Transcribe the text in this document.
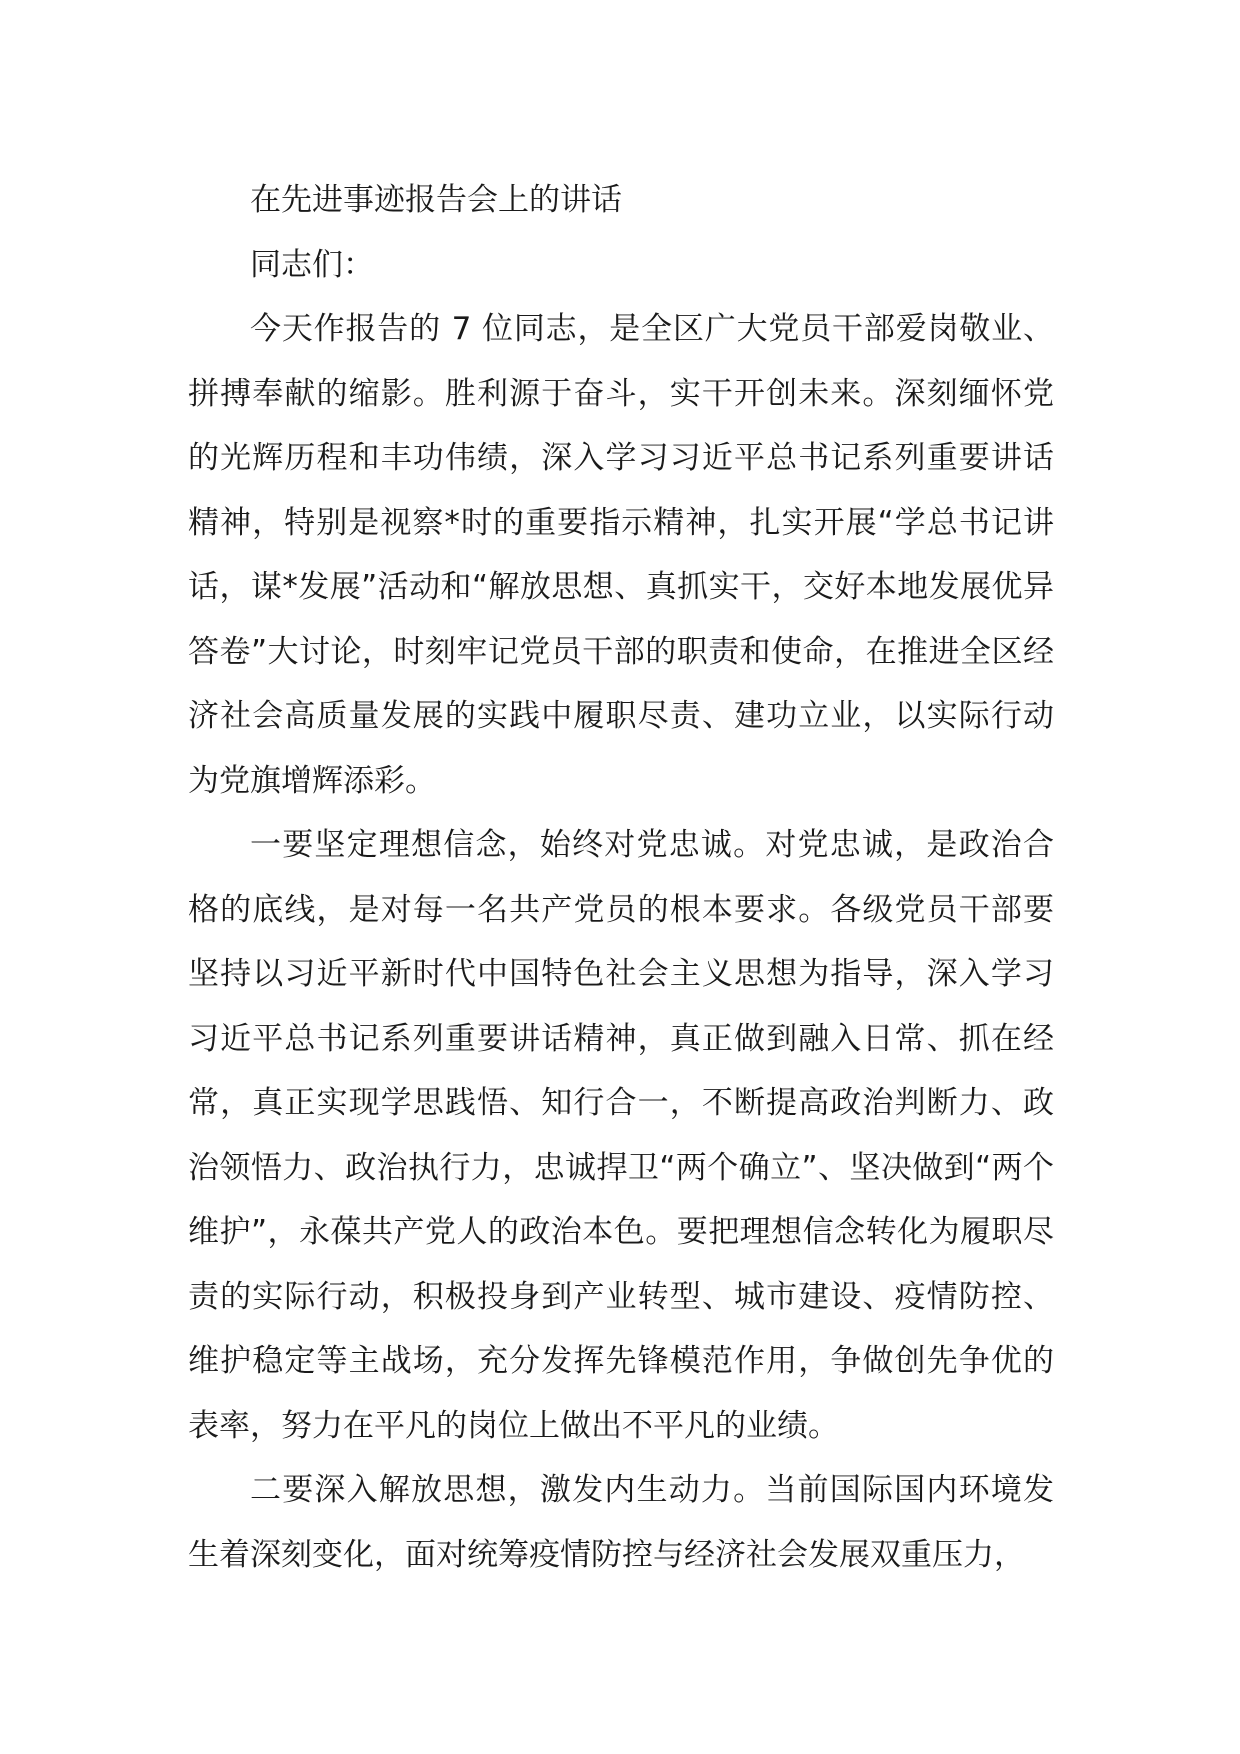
在先进事迹报告会上的讲话

同志们：

今天作报告的 7 位同志，是全区广大党员干部爱岗敬业、拼搏奉献的缩影。胜利源于奋斗，实干开创未来。深刻缅怀党的光辉历程和丰功伟绩，深入学习习近平总书记系列重要讲话精神，特别是视察*时的重要指示精神，扎实开展“学总书记讲话，谋*发展”活动和“解放思想、真抓实干，交好本地发展优异答卷”大讨论，时刻牢记党员干部的职责和使命，在推进全区经济社会高质量发展的实践中履职尽责、建功立业，以实际行动为党旗增辉添彩。

一要坚定理想信念，始终对党忠诚。对党忠诚，是政治合格的底线，是对每一名共产党员的根本要求。各级党员干部要坚持以习近平新时代中国特色社会主义思想为指导，深入学习习近平总书记系列重要讲话精神，真正做到融入日常、抓在经常，真正实现学思践悟、知行合一，不断提高政治判断力、政治领悟力、政治执行力，忠诚捍卫“两个确立”、坚决做到“两个维护”，永葆共产党人的政治本色。要把理想信念转化为履职尽责的实际行动，积极投身到产业转型、城市建设、疫情防控、维护稳定等主战场，充分发挥先锋模范作用，争做创先争优的表率，努力在平凡的岗位上做出不平凡的业绩。

二要深入解放思想，激发内生动力。当前国际国内环境发生着深刻变化，面对统筹疫情防控与经济社会发展双重压力，
